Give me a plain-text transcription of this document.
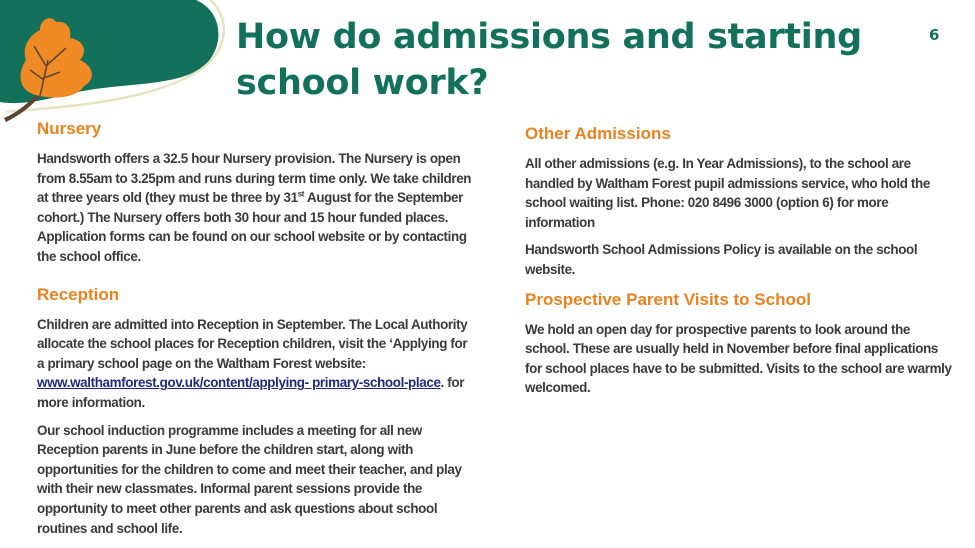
How do admissions and starting school work?
6
Nursery

Handsworth offers a 32.5 hour Nursery provision. The Nursery is open from 8.55am to 3.25pm and runs during term time only. We take children at three years old (they must be three by 31st August for the September cohort.) The Nursery offers both 30 hour and 15 hour funded places. Application forms can be found on our school website or by contacting the school office.

Reception

Children are admitted into Reception in September. The Local Authority allocate the school places for Reception children, visit the ‘Applying for a primary school page on the Waltham Forest website: www.walthamforest.gov.uk/content/applying- primary-school-place. for more information.

Our school induction programme includes a meeting for all new Reception parents in June before the children start, along with opportunities for the children to come and meet their teacher, and play with their new classmates. Informal parent sessions provide the opportunity to meet other parents and ask questions about school routines and school life.

Other Admissions

All other admissions (e.g. In Year Admissions), to the school are handled by Waltham Forest pupil admissions service, who hold the school waiting list. Phone: 020 8496 3000 (option 6) for more information

Handsworth School Admissions Policy is available on the school website.

Prospective Parent Visits to School

We hold an open day for prospective parents to look around the school. These are usually held in November before final applications for school places have to be submitted. Visits to the school are warmly welcomed.
